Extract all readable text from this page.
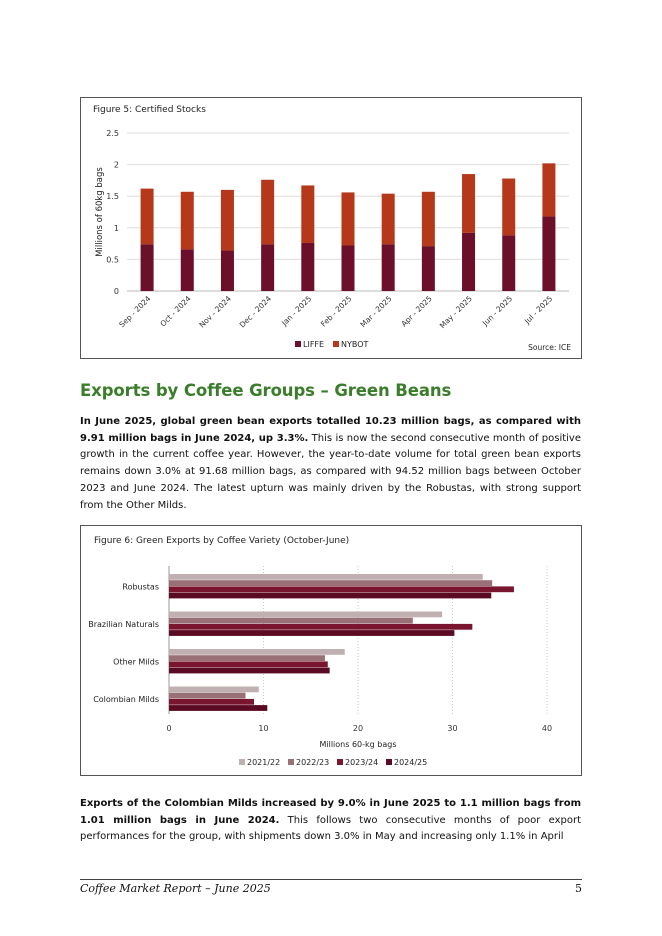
Figure 5: Certified Stocks
0
0.5
1
1.5
2
2.5
Millions of 60kg bags
Sep - 2024 Oct - 2024 Nov - 2024 Dec - 2024 Jan - 2025 Feb - 2025 Mar - 2025 Apr - 2025 May - 2025 Jun - 2025 Jul - 2025
LIFFE NYBOT	Source: ICE
Exports by Coffee Groups – Green Beans
In June 2025, global green bean exports totalled 10.23 million bags, as compared with 9.91 million bags in June 2024, up 3.3%. This is now the second consecutive month of positive growth in the current coffee year. However, the year-to-date volume for total green bean exports remains down 3.0% at 91.68 million bags, as compared with 94.52 million bags between October 2023 and June 2024. The latest upturn was mainly driven by the Robustas, with strong support from the Other Milds.
Figure 6: Green Exports by Coffee Variety (October-June)
0	10	20	30	40
Millions 60-kg bags
Robustas
Brazilian Naturals
Other Milds
Colombian Milds
2021/22 2022/23 2023/24 2024/25
Exports of the Colombian Milds increased by 9.0% in June 2025 to 1.1 million bags from 1.01 million bags in June 2024. This follows two consecutive months of poor export performances for the group, with shipments down 3.0% in May and increasing only 1.1% in April
Coffee Market Report – June 2025	5
